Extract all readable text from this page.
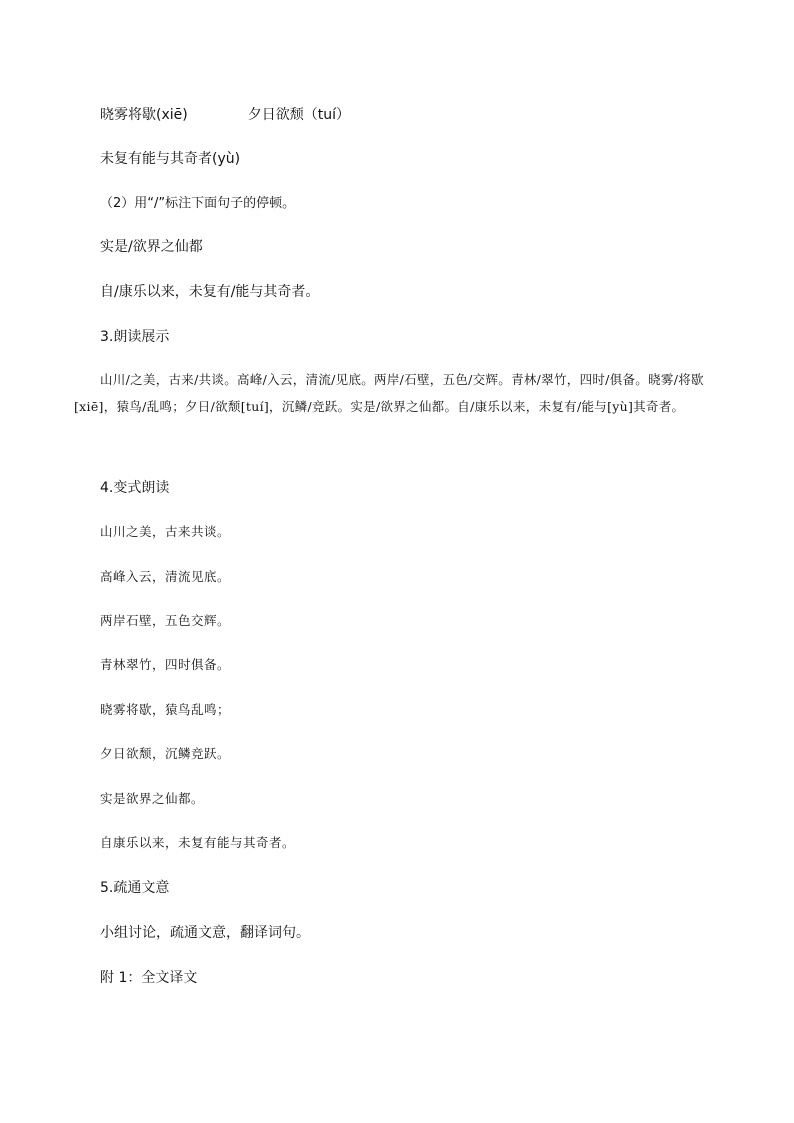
晓雾将歇(xiē)	夕日欲颓（tuí）
未复有能与其奇者(yù)
（2）用“/”标注下面句子的停顿。
实是/欲界之仙都
自/康乐以来，未复有/能与其奇者。
3.朗读展示
山川/之美，古来/共谈。高峰/入云，清流/见底。两岸/石壁，五色/交辉。青林/翠竹，四时/俱备。晓雾/将歇[xiē]，猿鸟/乱鸣；夕日/欲颓[tuí]，沉鳞/竞跃。实是/欲界之仙都。自/康乐以来，未复有/能与[yù]其奇者。
4.变式朗读
山川之美，古来共谈。
高峰入云，清流见底。
两岸石壁，五色交辉。
青林翠竹，四时俱备。
晓雾将歇，猿鸟乱鸣；
夕日欲颓，沉鳞竞跃。
实是欲界之仙都。
自康乐以来，未复有能与其奇者。
5.疏通文意
小组讨论，疏通文意，翻译词句。
附 1：全文译文
